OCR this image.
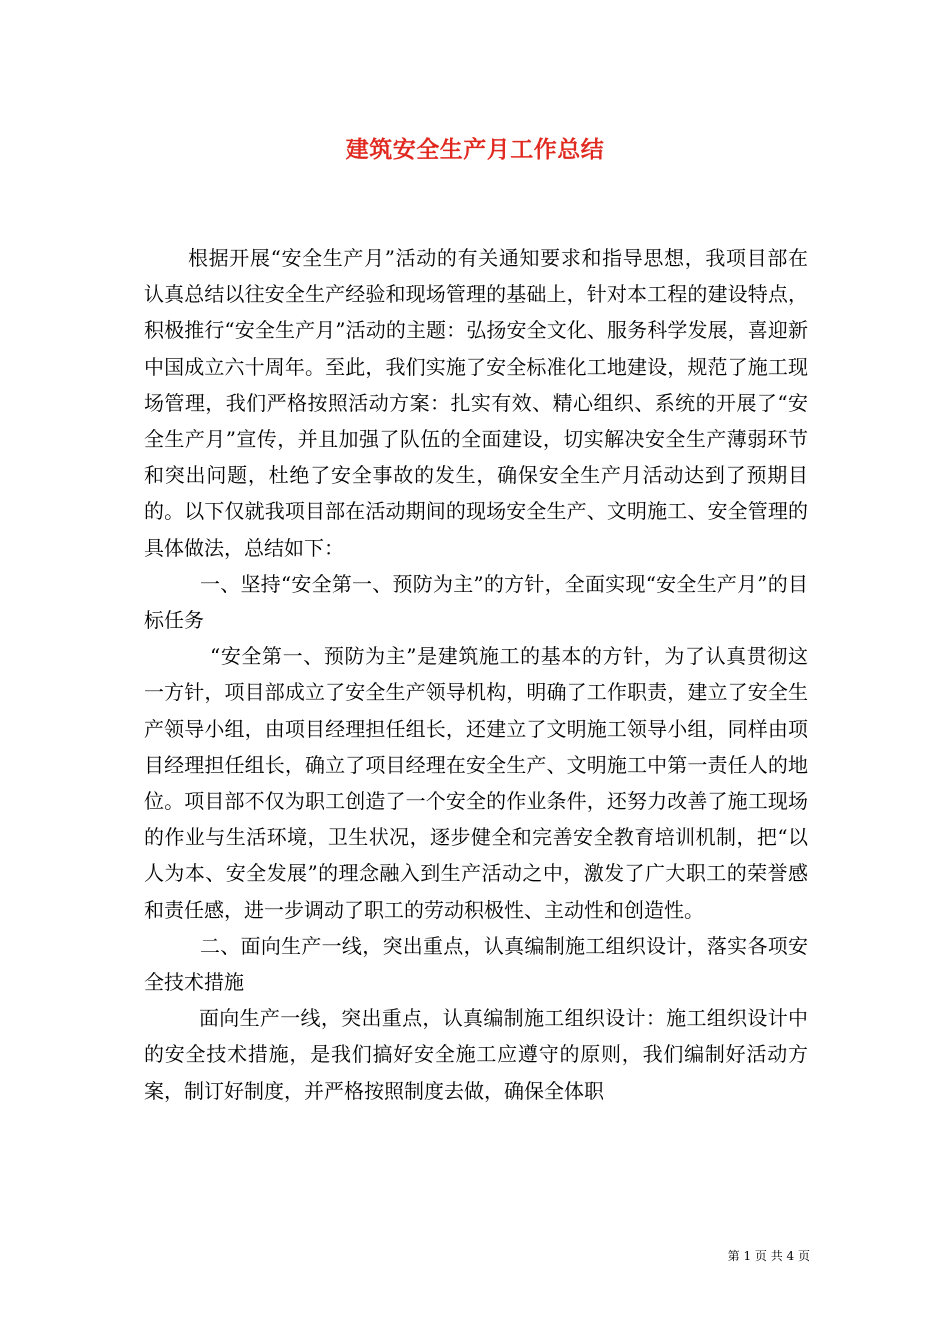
建筑安全生产月工作总结

根据开展“安全生产月”活动的有关通知要求和指导思想，我项目部在认真总结以往安全生产经验和现场管理的基础上，针对本工程的建设特点，积极推行“安全生产月”活动的主题：弘扬安全文化、服务科学发展，喜迎新中国成立六十周年。至此，我们实施了安全标准化工地建设，规范了施工现场管理，我们严格按照活动方案：扎实有效、精心组织、系统的开展了“安全生产月”宣传，并且加强了队伍的全面建设，切实解决安全生产薄弱环节和突出问题，杜绝了安全事故的发生，确保安全生产月活动达到了预期目的。以下仅就我项目部在活动期间的现场安全生产、文明施工、安全管理的具体做法，总结如下：

一、坚持“安全第一、预防为主”的方针，全面实现“安全生产月”的目标任务

“安全第一、预防为主”是建筑施工的基本的方针，为了认真贯彻这一方针，项目部成立了安全生产领导机构，明确了工作职责，建立了安全生产领导小组，由项目经理担任组长，还建立了文明施工领导小组，同样由项目经理担任组长，确立了项目经理在安全生产、文明施工中第一责任人的地位。项目部不仅为职工创造了一个安全的作业条件，还努力改善了施工现场的作业与生活环境，卫生状况，逐步健全和完善安全教育培训机制，把“以人为本、安全发展”的理念融入到生产活动之中，激发了广大职工的荣誉感和责任感，进一步调动了职工的劳动积极性、主动性和创造性。

二、面向生产一线，突出重点，认真编制施工组织设计，落实各项安全技术措施

面向生产一线，突出重点，认真编制施工组织设计：施工组织设计中的安全技术措施，是我们搞好安全施工应遵守的原则，我们编制好活动方案，制订好制度，并严格按照制度去做，确保全体职

第 1 页 共 4 页
